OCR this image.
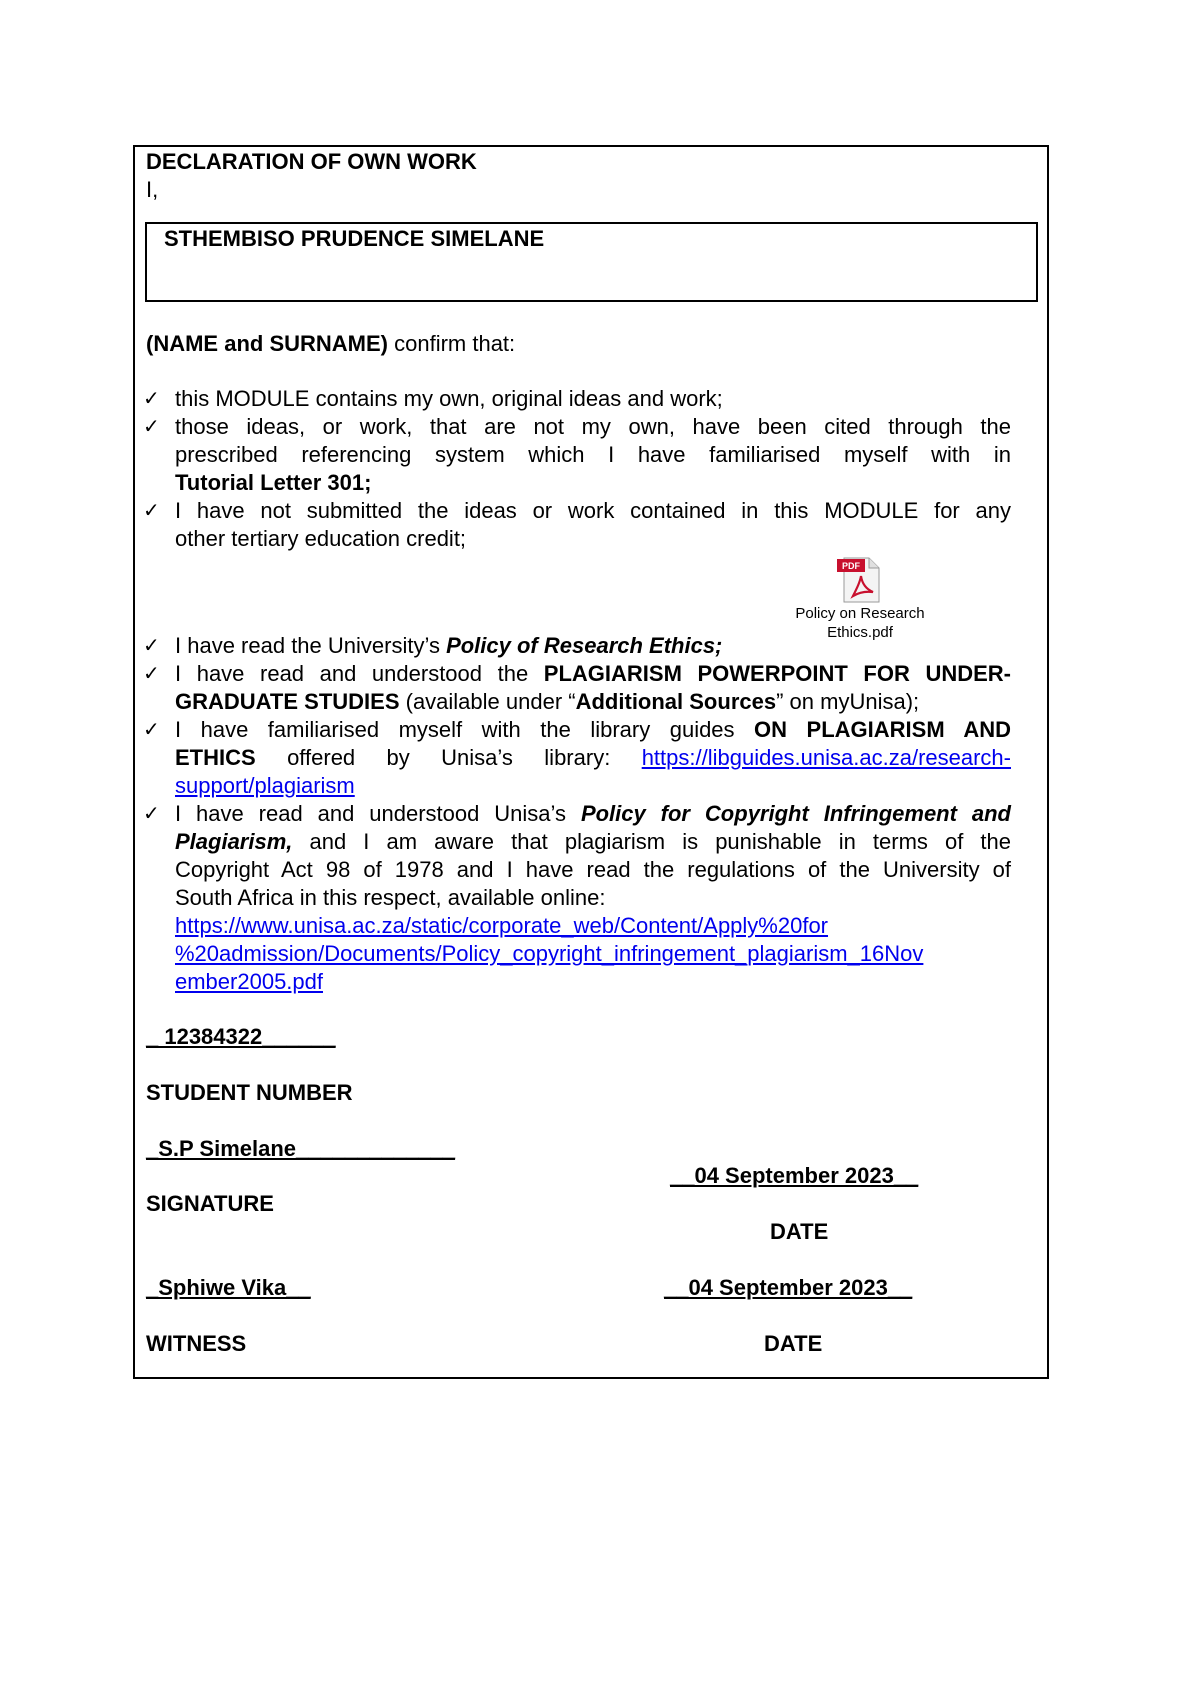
DECLARATION OF OWN WORK
I,
STHEMBISO PRUDENCE SIMELANE
(NAME and SURNAME) confirm that:
✓ this MODULE contains my own, original ideas and work;
✓ those ideas, or work, that are not my own, have been cited through the
prescribed referencing system which I have familiarised myself with in
Tutorial Letter 301;
✓ I have not submitted the ideas or work contained in this MODULE for any
other tertiary education credit;
PDF
Policy on Research
Ethics.pdf
✓ I have read the University’s Policy of Research Ethics;
✓ I have read and understood the PLAGIARISM POWERPOINT FOR UNDER-
GRADUATE STUDIES (available under “Additional Sources” on myUnisa);
✓ I have familiarised myself with the library guides ON PLAGIARISM AND
ETHICS offered by Unisa’s library: https://libguides.unisa.ac.za/research-
support/plagiarism
✓ I have read and understood Unisa’s Policy for Copyright Infringement and
Plagiarism, and I am aware that plagiarism is punishable in terms of the
Copyright Act 98 of 1978 and I have read the regulations of the University of
South Africa in this respect, available online:
https://www.unisa.ac.za/static/corporate_web/Content/Apply%20for
%20admission/Documents/Policy_copyright_infringement_plagiarism_16Nov
ember2005.pdf
_ 12384322______
STUDENT NUMBER
_S.P Simelane_____________
__04 September 2023__
SIGNATURE
DATE
_Sphiwe Vika__	__04 September 2023__
WITNESS	DATE
